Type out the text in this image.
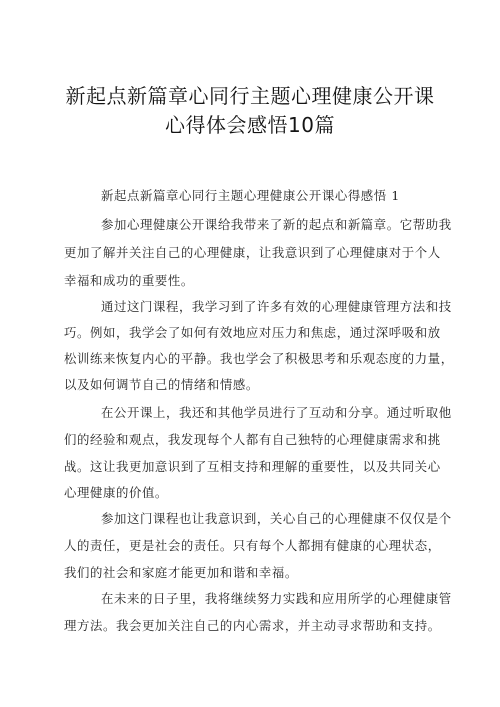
新起点新篇章心同行主题心理健康公开课
心得体会感悟10篇
新起点新篇章心同行主题心理健康公开课心得感悟 1
参加心理健康公开课给我带来了新的起点和新篇章。它帮助我
更加了解并关注自己的心理健康，让我意识到了心理健康对于个人
幸福和成功的重要性。
通过这门课程，我学习到了许多有效的心理健康管理方法和技
巧。例如，我学会了如何有效地应对压力和焦虑，通过深呼吸和放
松训练来恢复内心的平静。我也学会了积极思考和乐观态度的力量，
以及如何调节自己的情绪和情感。
在公开课上，我还和其他学员进行了互动和分享。通过听取他
们的经验和观点，我发现每个人都有自己独特的心理健康需求和挑
战。这让我更加意识到了互相支持和理解的重要性，以及共同关心
心理健康的价值。
参加这门课程也让我意识到，关心自己的心理健康不仅仅是个
人的责任，更是社会的责任。只有每个人都拥有健康的心理状态，
我们的社会和家庭才能更加和谐和幸福。
在未来的日子里，我将继续努力实践和应用所学的心理健康管
理方法。我会更加关注自己的内心需求，并主动寻求帮助和支持。
